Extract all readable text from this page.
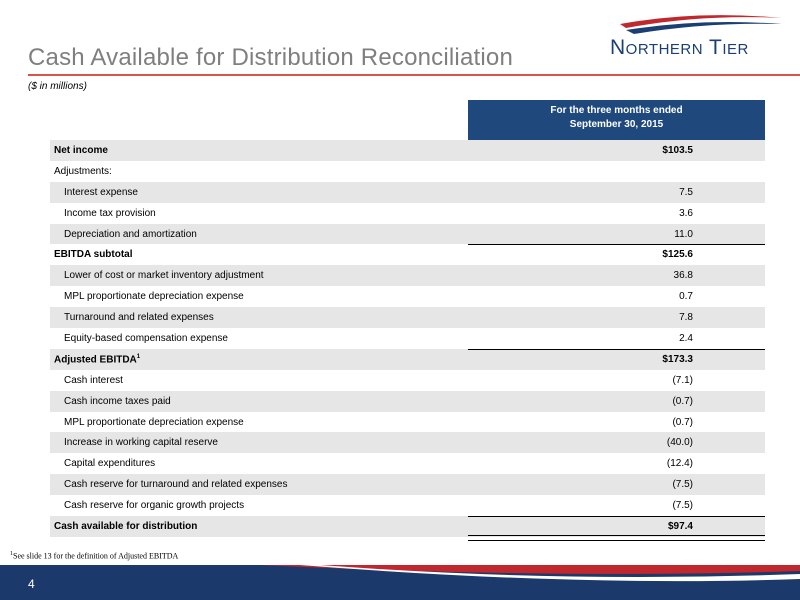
Cash Available for Distribution Reconciliation
($ in millions)
NORTHERN TIER
For the three months ended
September 30, 2015
Net income	$103.5
Adjustments:
Interest expense	7.5
Income tax provision	3.6
Depreciation and amortization	11.0
EBITDA subtotal	$125.6
Lower of cost or market inventory adjustment	36.8
MPL proportionate depreciation expense	0.7
Turnaround and related expenses	7.8
Equity-based compensation expense	2.4
Adjusted EBITDA$^1$	$173.3
Cash interest	(7.1)
Cash income taxes paid	(0.7)
MPL proportionate depreciation expense	(0.7)
Increase in working capital reserve	(40.0)
Capital expenditures	(12.4)
Cash reserve for turnaround and related expenses	(7.5)
Cash reserve for organic growth projects	(7.5)
Cash available for distribution	$97.4
$^1$See slide 13 for the definition of Adjusted EBITDA
4
